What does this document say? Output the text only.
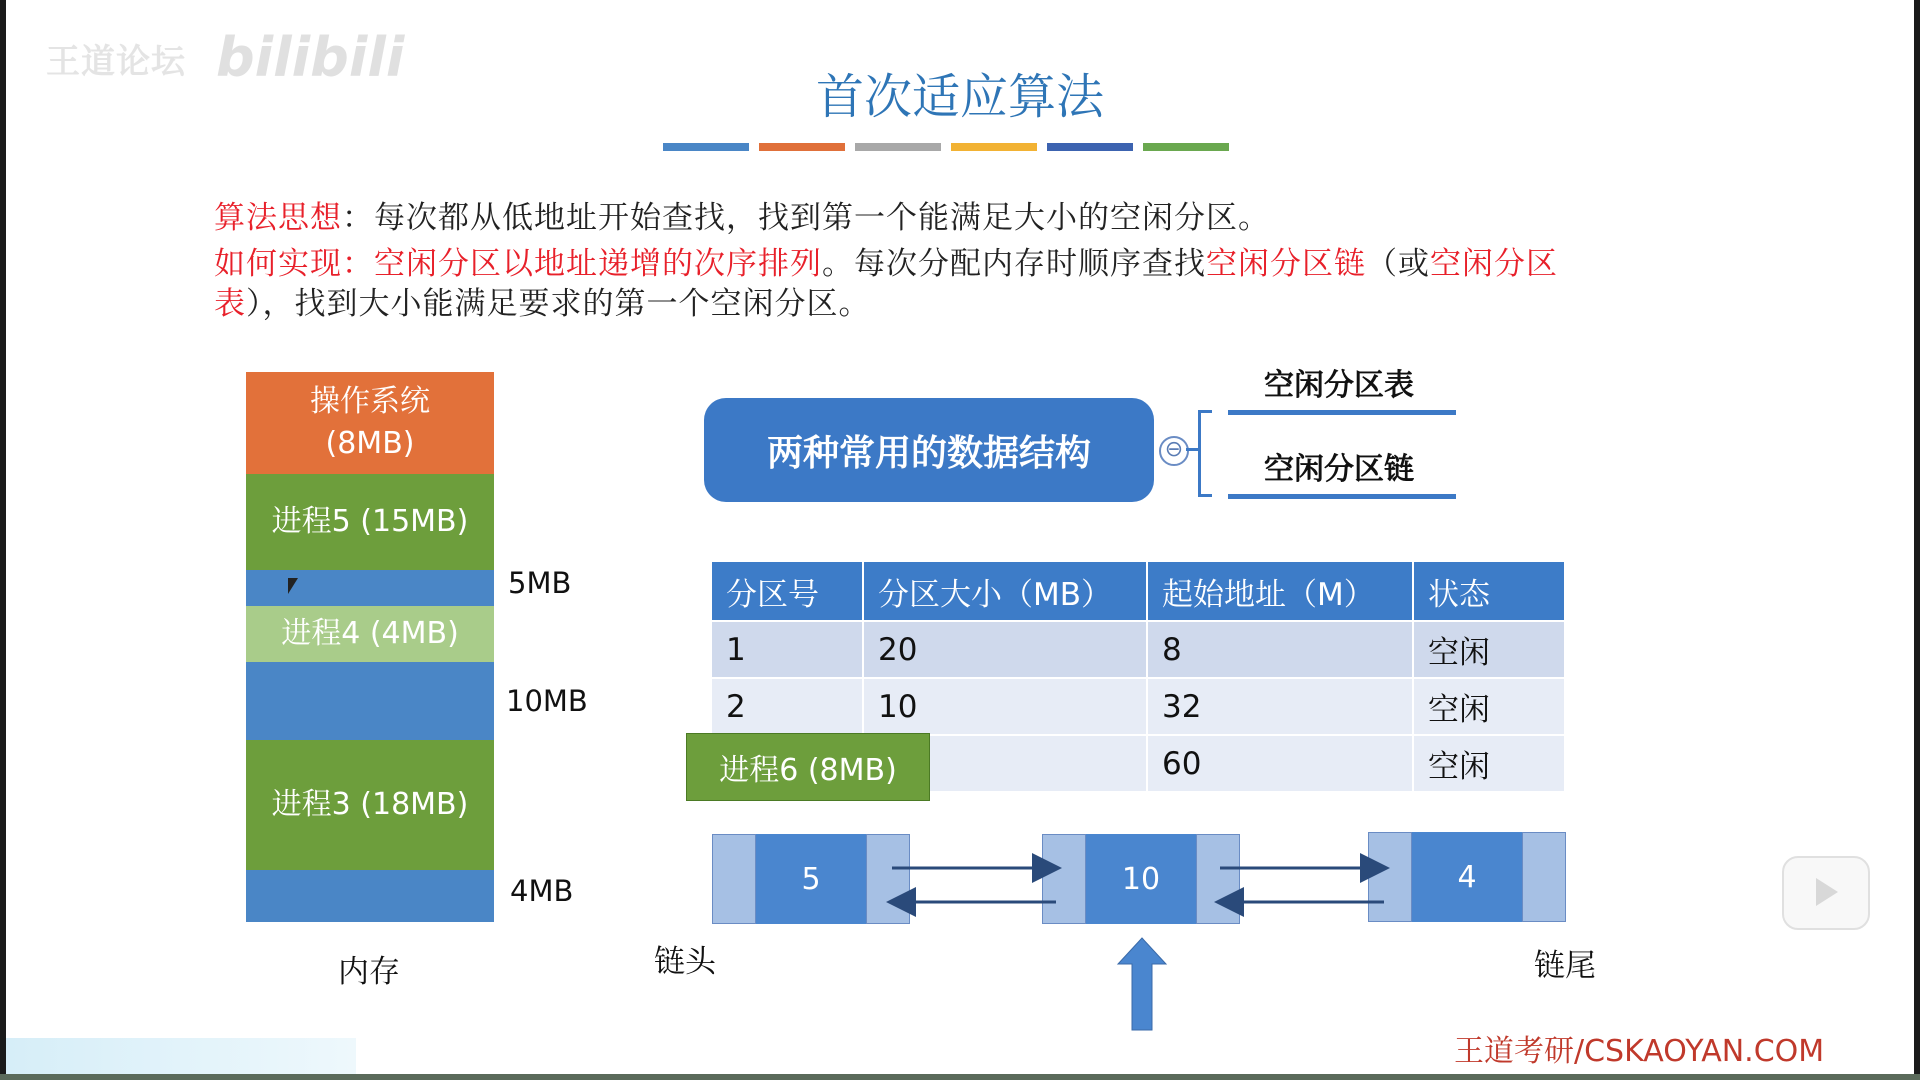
王道论坛 bilibili
首次适应算法
算法思想：每次都从低地址开始查找，找到第一个能满足大小的空闲分区。
如何实现：空闲分区以地址递增的次序排列。每次分配内存时顺序查找空闲分区链（或空闲分区
表），找到大小能满足要求的第一个空闲分区。
操作系统
(8MB)
进程5 (15MB)
进程4 (4MB)
进程3 (18MB)
5MB
10MB
4MB
内存
两种常用的数据结构	⊖
空闲分区表
空闲分区链
分区号	分区大小（MB）	起始地址（M）	状态
1	20	8	空闲
2	10	32	空闲
		60	空闲
进程6 (8MB)
5	10	4
链头	链尾
王道考研/CSKAOYAN.COM
